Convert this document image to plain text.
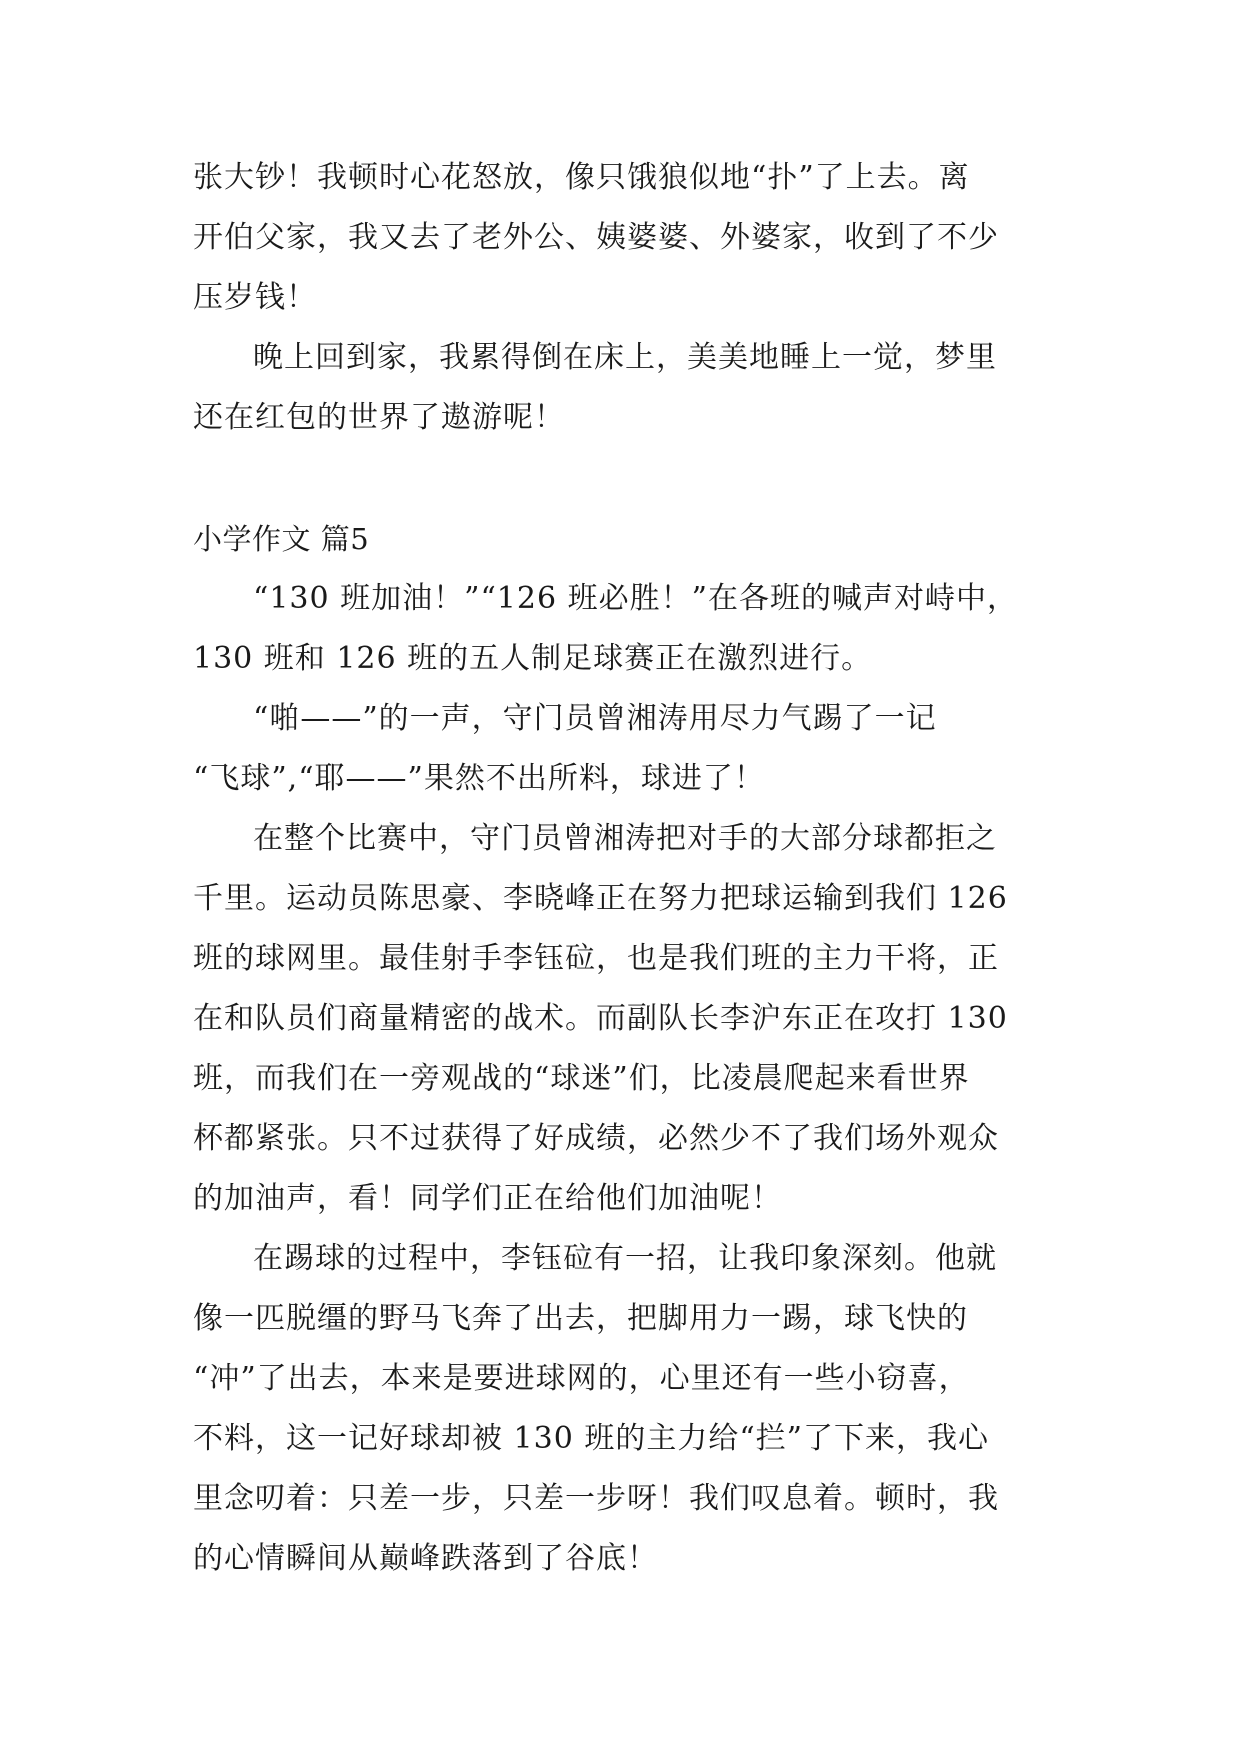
张大钞！我顿时心花怒放，像只饿狼似地“扑”了上去。离
开伯父家，我又去了老外公、姨婆婆、外婆家，收到了不少
压岁钱！
晚上回到家，我累得倒在床上，美美地睡上一觉，梦里
还在红包的世界了遨游呢！
小学作文 篇5
“130 班加油！”“126 班必胜！”在各班的喊声对峙中，
130 班和 126 班的五人制足球赛正在激烈进行。
“啪——”的一声，守门员曾湘涛用尽力气踢了一记
“飞球”,“耶——”果然不出所料，球进了！
在整个比赛中，守门员曾湘涛把对手的大部分球都拒之
千里。运动员陈思豪、李晓峰正在努力把球运输到我们 126
班的球网里。最佳射手李钰砬，也是我们班的主力干将，正
在和队员们商量精密的战术。而副队长李沪东正在攻打 130
班，而我们在一旁观战的“球迷”们，比凌晨爬起来看世界
杯都紧张。只不过获得了好成绩，必然少不了我们场外观众
的加油声，看！同学们正在给他们加油呢！
在踢球的过程中，李钰砬有一招，让我印象深刻。他就
像一匹脱缰的野马飞奔了出去，把脚用力一踢，球飞快的
“冲”了出去，本来是要进球网的，心里还有一些小窃喜，
不料，这一记好球却被 130 班的主力给“拦”了下来，我心
里念叨着：只差一步，只差一步呀！我们叹息着。顿时，我
的心情瞬间从巅峰跌落到了谷底！
